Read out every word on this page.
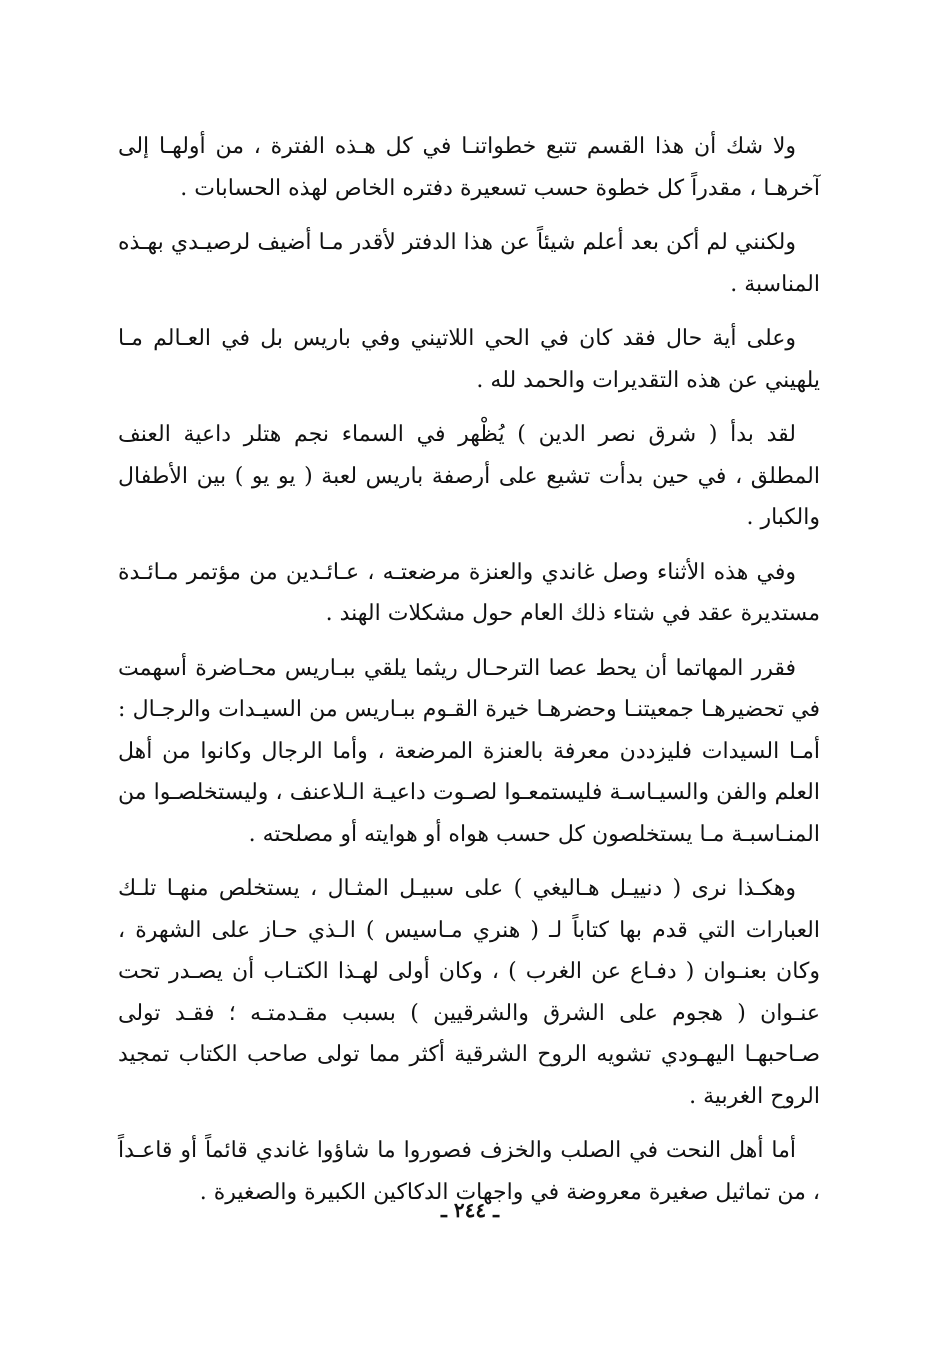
ولا شك أن هذا القسم تتبع خطواتنـا في كل هـذه الفترة ، من أولهـا إلى آخرهـا ، مقدراً كل خطوة حسب تسعيرة دفتره الخاص لهذه الحسابات .

ولكنني لم أكن بعد أعلم شيئاً عن هذا الدفتر لأقدر مـا أضيف لرصيـدي بهـذه المناسبة .

وعلى أية حال فقد كان في الحي اللاتيني وفي باريس بل في العـالم مـا يلهيني عن هذه التقديرات والحمد لله .

لقد بدأ ( شرق نصر الدين ) يُظْهر في السماء نجم هتلر داعية العنف المطلق ، في حين بدأت تشيع على أرصفة باريس لعبة ( يو يو ) بين الأطفال والكبار .

وفي هذه الأثناء وصل غاندي والعنزة مرضعتـه ، عـائـدين من مؤتمر مـائـدة مستديرة عقد في شتاء ذلك العام حول مشكلات الهند .

فقرر المهاتما أن يحط عصا الترحـال ريثما يلقي ببـاريس محـاضرة أسهمت في تحضيرهـا جمعيتنـا وحضرهـا خيرة القـوم ببـاريس من السيـدات والرجـال : أمـا السيدات فليزددن معرفة بالعنزة المرضعة ، وأما الرجال وكانوا من أهل العلم والفن والسيـاسـة فليستمعـوا لصـوت داعيـة الـلاعنف ، وليستخلصـوا من المنـاسبـة مـا يستخلصون كل حسب هواه أو هوايته أو مصلحته .

وهكـذا نرى ( دنييـل هـاليغي ) على سبيـل المثـال ، يستخلص منهـا تلـك العبارات التي قدم بها كتاباً لـ ( هنري مـاسيس ) الـذي حـاز على الشهرة ، وكان بعنـوان ( دفـاع عن الغرب ) ، وكان أولى لهـذا الكتـاب أن يصـدر تحت عنـوان ( هجوم على الشرق والشرقيين ) بسبب مقـدمتـه ؛ فقـد تولى صـاحبهـا اليهـودي تشويه الروح الشرقية أكثر مما تولى صاحب الكتاب تمجيد الروح الغربية .

أما أهل النحت في الصلب والخزف فصوروا ما شاؤوا غاندي قائماً أو قاعـداً ، من تماثيل صغيرة معروضة في واجهات الدكاكين الكبيرة والصغيرة .

ـ ٢٤٤ ـ
